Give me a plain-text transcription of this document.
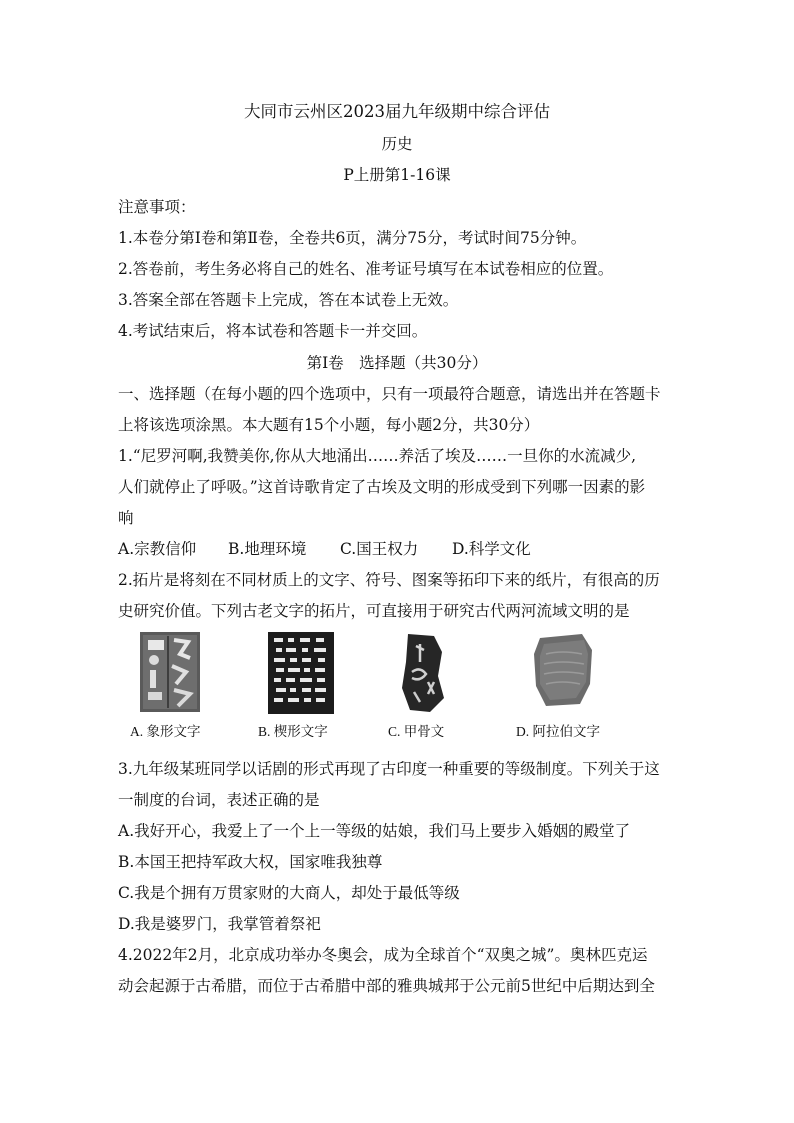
大同市云州区2023届九年级期中综合评估
历史
P上册第1-16课
注意事项：
1.本卷分第Ⅰ卷和第Ⅱ卷，全卷共6页，满分75分，考试时间75分钟。
2.答卷前，考生务必将自己的姓名、准考证号填写在本试卷相应的位置。
3.答案全部在答题卡上完成，答在本试卷上无效。
4.考试结束后，将本试卷和答题卡一并交回。
第Ⅰ卷　选择题（共30分）
一、选择题（在每小题的四个选项中，只有一项最符合题意，请选出并在答题卡
上将该选项涂黑。本大题有15个小题，每小题2分，共30分）
1.“尼罗河啊,我赞美你,你从大地涌出……养活了埃及……一旦你的水流减少,
人们就停止了呼吸。”这首诗歌肯定了古埃及文明的形成受到下列哪一因素的影
响
A.宗教信仰 B.地理环境 C.国王权力 D.科学文化
2.拓片是将刻在不同材质上的文字、符号、图案等拓印下来的纸片，有很高的历
史研究价值。下列古老文字的拓片，可直接用于研究古代两河流域文明的是
A. 象形文字	B. 楔形文字	C. 甲骨文	D. 阿拉伯文字
3.九年级某班同学以话剧的形式再现了古印度一种重要的等级制度。下列关于这
一制度的台词，表述正确的是
A.我好开心，我爱上了一个上一等级的姑娘，我们马上要步入婚姻的殿堂了
B.本国王把持军政大权，国家唯我独尊
C.我是个拥有万贯家财的大商人，却处于最低等级
D.我是婆罗门，我掌管着祭祀
4.2022年2月，北京成功举办冬奥会，成为全球首个“双奥之城”。奥林匹克运
动会起源于古希腊，而位于古希腊中部的雅典城邦于公元前5世纪中后期达到全
